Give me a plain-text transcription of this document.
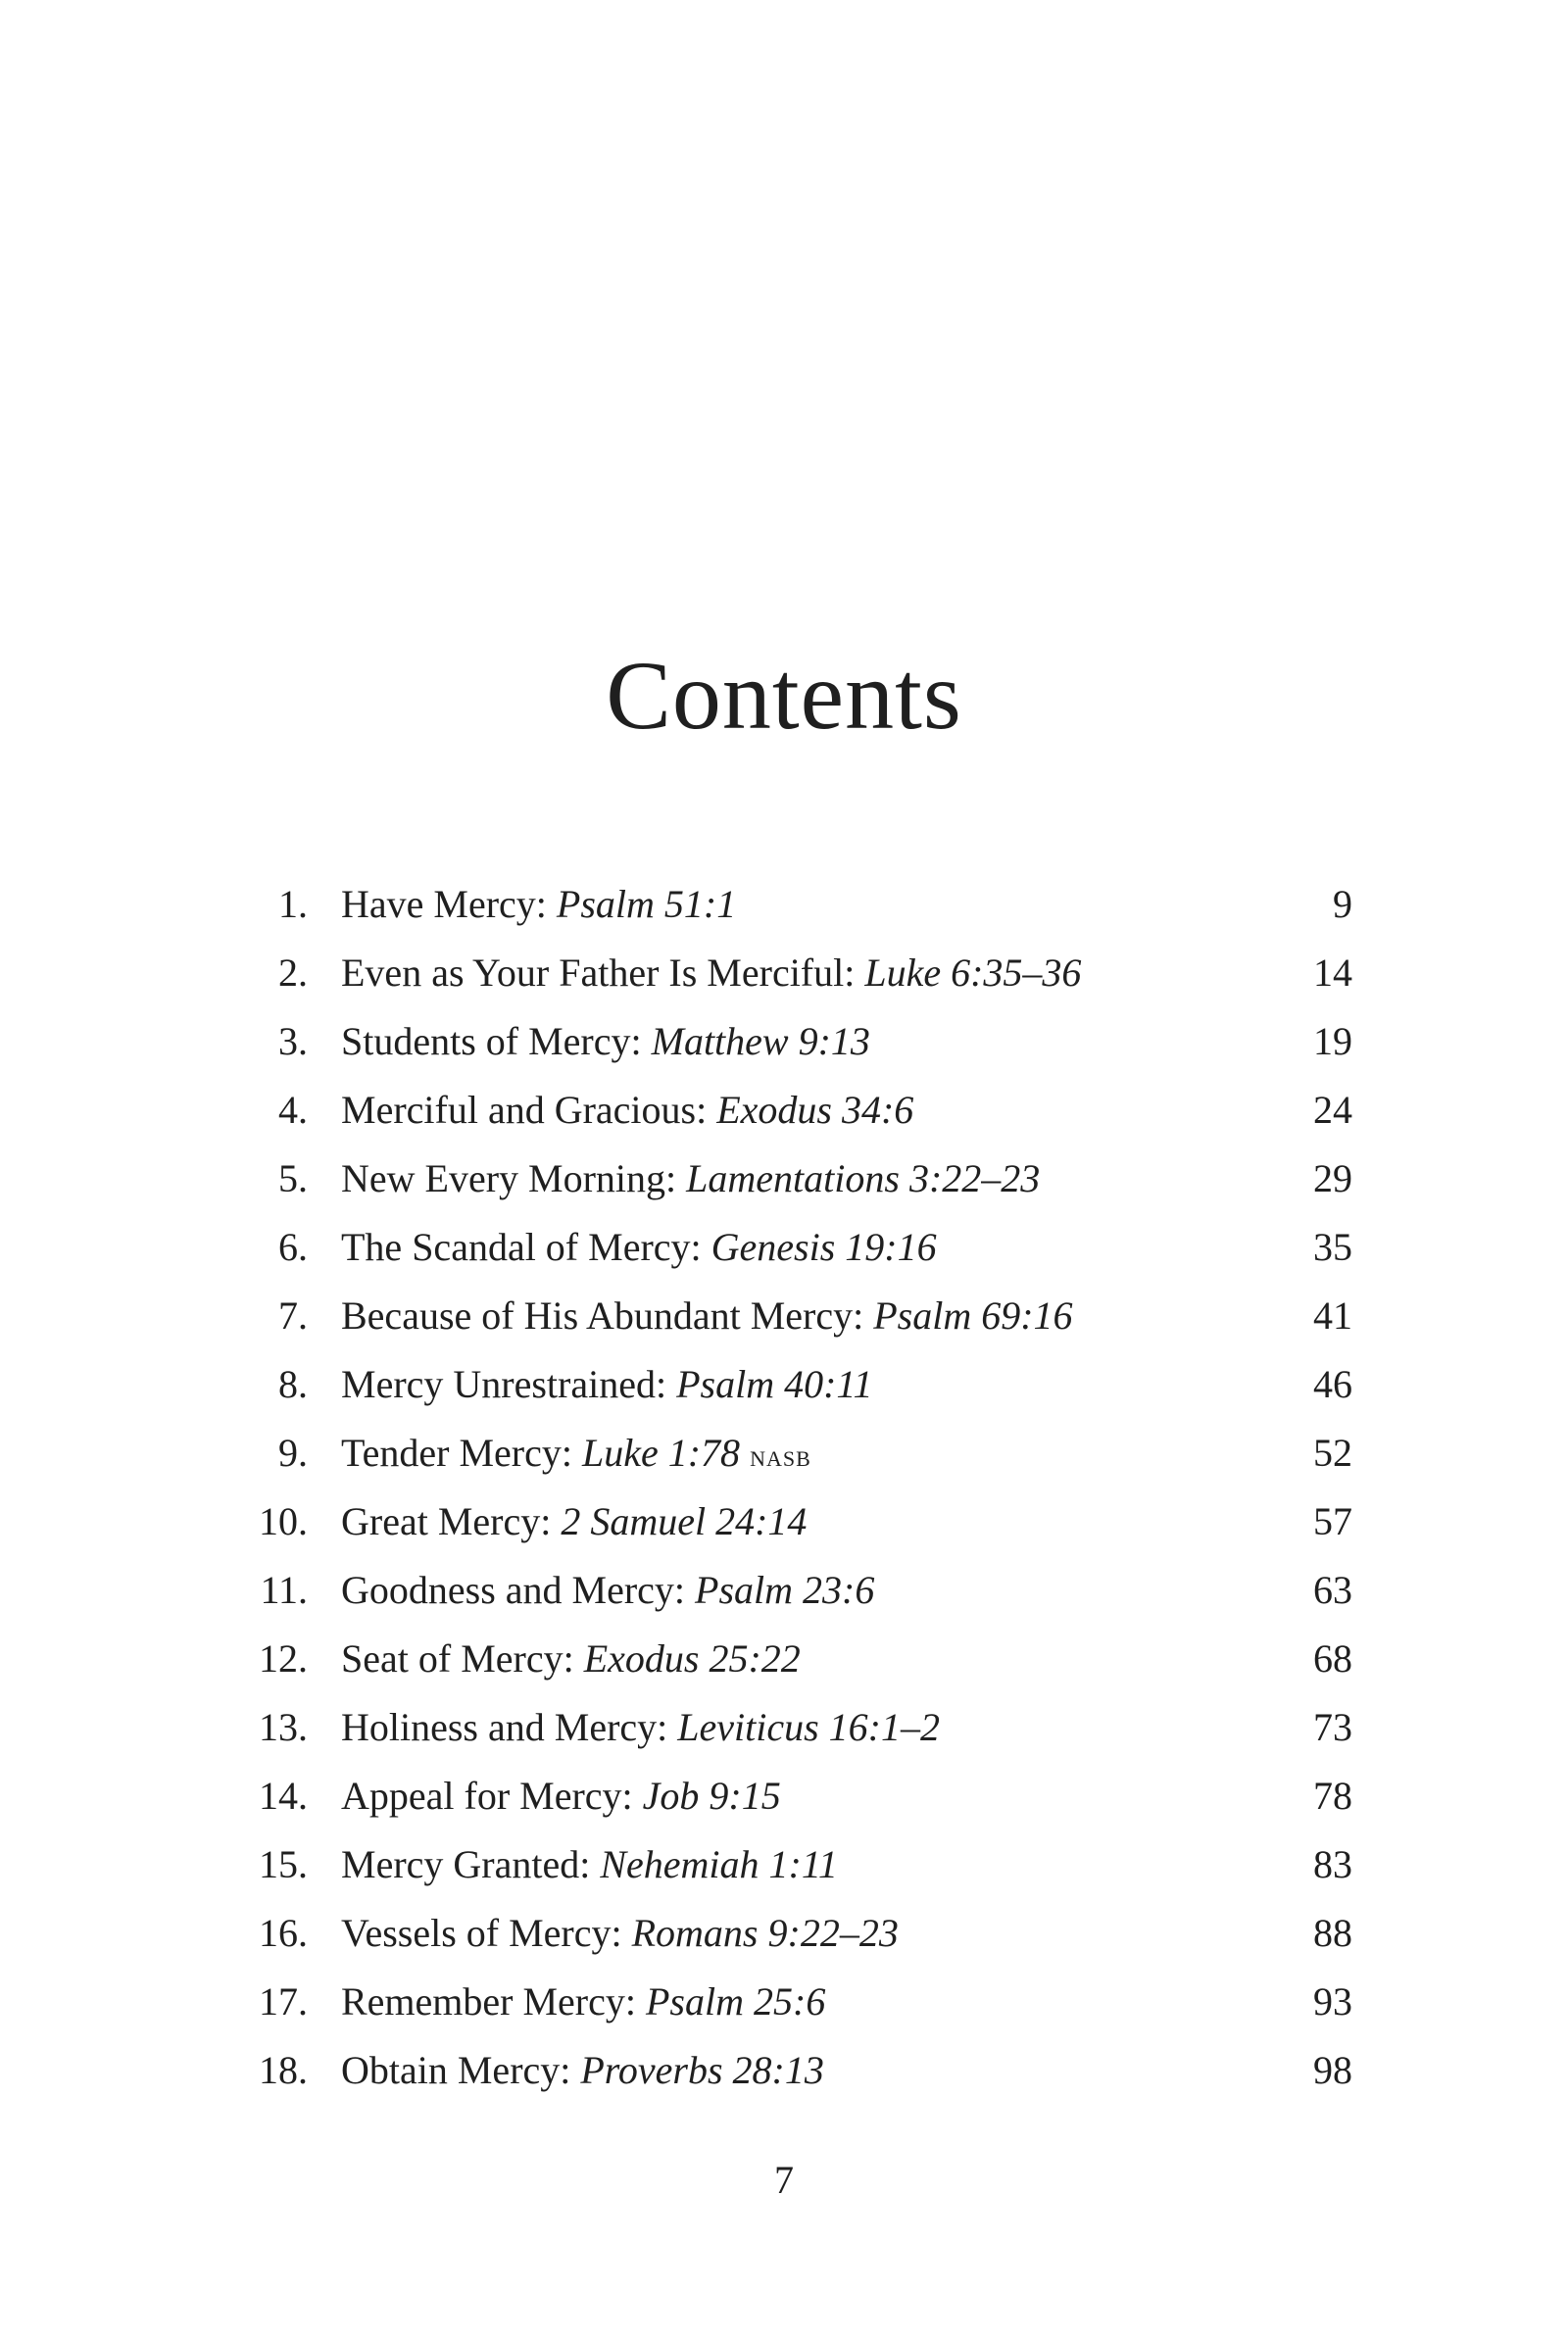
Contents
1. Have Mercy: Psalm 51:1	9
2. Even as Your Father Is Merciful: Luke 6:35–36	14
3. Students of Mercy: Matthew 9:13	19
4. Merciful and Gracious: Exodus 34:6	24
5. New Every Morning: Lamentations 3:22–23	29
6. The Scandal of Mercy: Genesis 19:16	35
7. Because of His Abundant Mercy: Psalm 69:16	41
8. Mercy Unrestrained: Psalm 40:11	46
9. Tender Mercy: Luke 1:78 nasb	52
10. Great Mercy: 2 Samuel 24:14	57
11. Goodness and Mercy: Psalm 23:6	63
12. Seat of Mercy: Exodus 25:22	68
13. Holiness and Mercy: Leviticus 16:1–2	73
14. Appeal for Mercy: Job 9:15	78
15. Mercy Granted: Nehemiah 1:11	83
16. Vessels of Mercy: Romans 9:22–23	88
17. Remember Mercy: Psalm 25:6	93
18. Obtain Mercy: Proverbs 28:13	98
7
